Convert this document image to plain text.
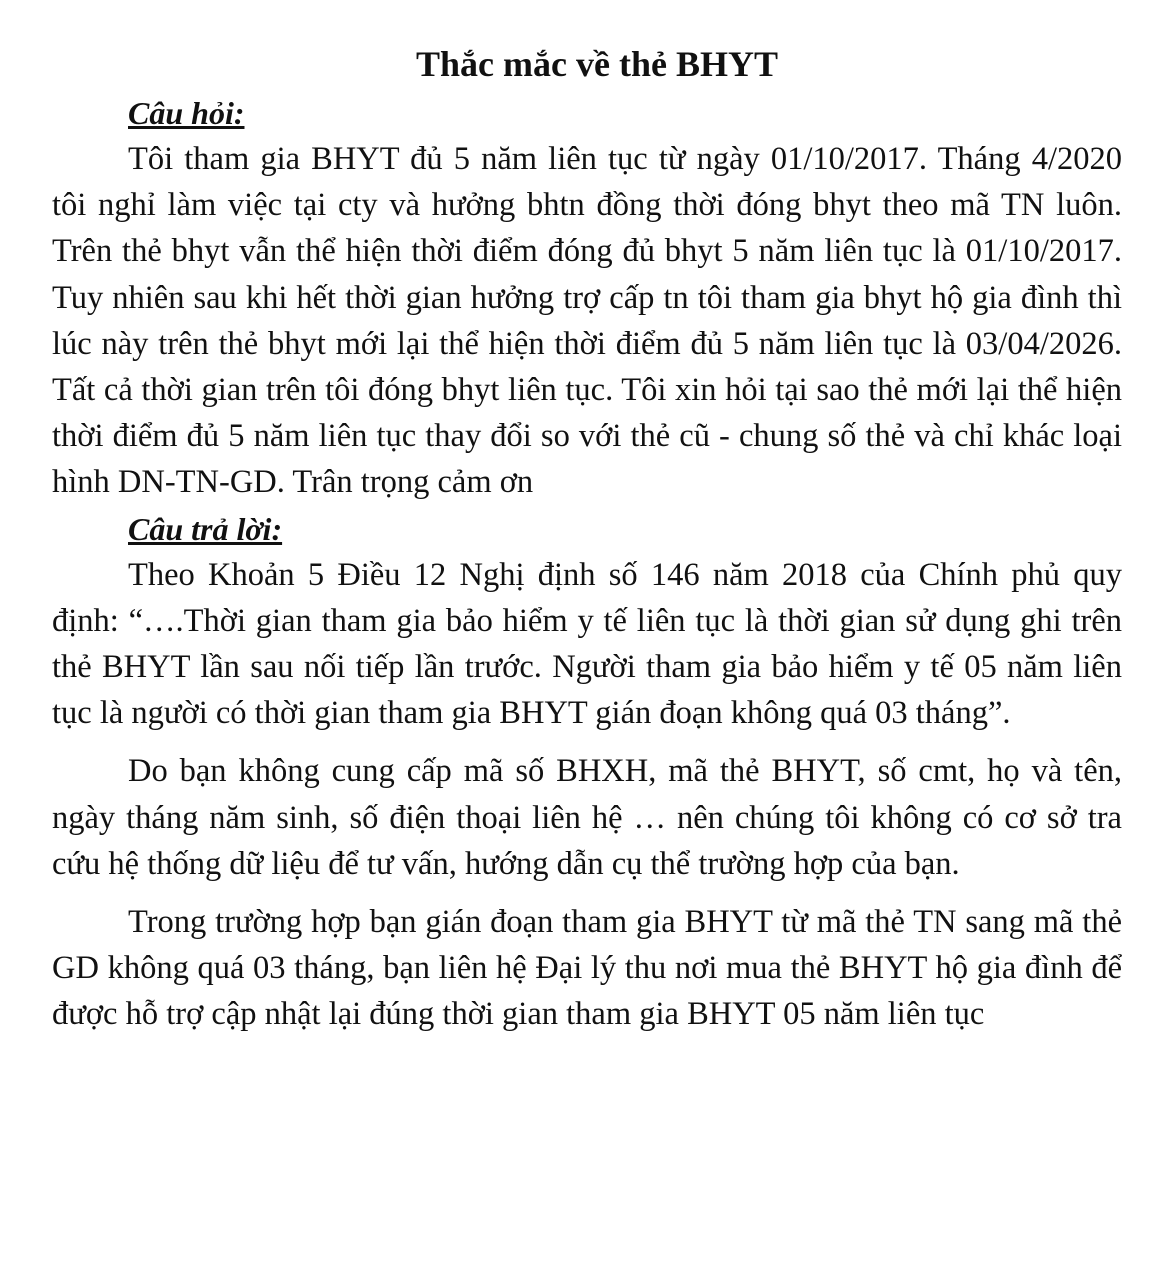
Thắc mắc về thẻ BHYT
Câu hỏi:

Tôi tham gia BHYT đủ 5 năm liên tục từ ngày 01/10/2017. Tháng 4/2020 tôi nghỉ làm việc tại cty và hưởng bhtn đồng thời đóng bhyt theo mã TN luôn. Trên thẻ bhyt vẫn thể hiện thời điểm đóng đủ bhyt 5 năm liên tục là 01/10/2017. Tuy nhiên sau khi hết thời gian hưởng trợ cấp tn tôi tham gia bhyt hộ gia đình thì lúc này trên thẻ bhyt mới lại thể hiện thời điểm đủ 5 năm liên tục là 03/04/2026. Tất cả thời gian trên tôi đóng bhyt liên tục. Tôi xin hỏi tại sao thẻ mới lại thể hiện thời điểm đủ 5 năm liên tục thay đổi so với thẻ cũ - chung số thẻ và chỉ khác loại hình DN-TN-GD. Trân trọng cảm ơn

Câu trả lời:

Theo Khoản 5 Điều 12 Nghị định số 146 năm 2018 của Chính phủ quy định: “….Thời gian tham gia bảo hiểm y tế liên tục là thời gian sử dụng ghi trên thẻ BHYT lần sau nối tiếp lần trước. Người tham gia bảo hiểm y tế 05 năm liên tục là người có thời gian tham gia BHYT gián đoạn không quá 03 tháng”.

Do bạn không cung cấp mã số BHXH, mã thẻ BHYT, số cmt, họ và tên, ngày tháng năm sinh, số điện thoại liên hệ … nên chúng tôi không có cơ sở tra cứu hệ thống dữ liệu để tư vấn, hướng dẫn cụ thể trường hợp của bạn.

Trong trường hợp bạn gián đoạn tham gia BHYT từ mã thẻ TN sang mã thẻ GD không quá 03 tháng, bạn liên hệ Đại lý thu nơi mua thẻ BHYT hộ gia đình để được hỗ trợ cập nhật lại đúng thời gian tham gia BHYT 05 năm liên tục
